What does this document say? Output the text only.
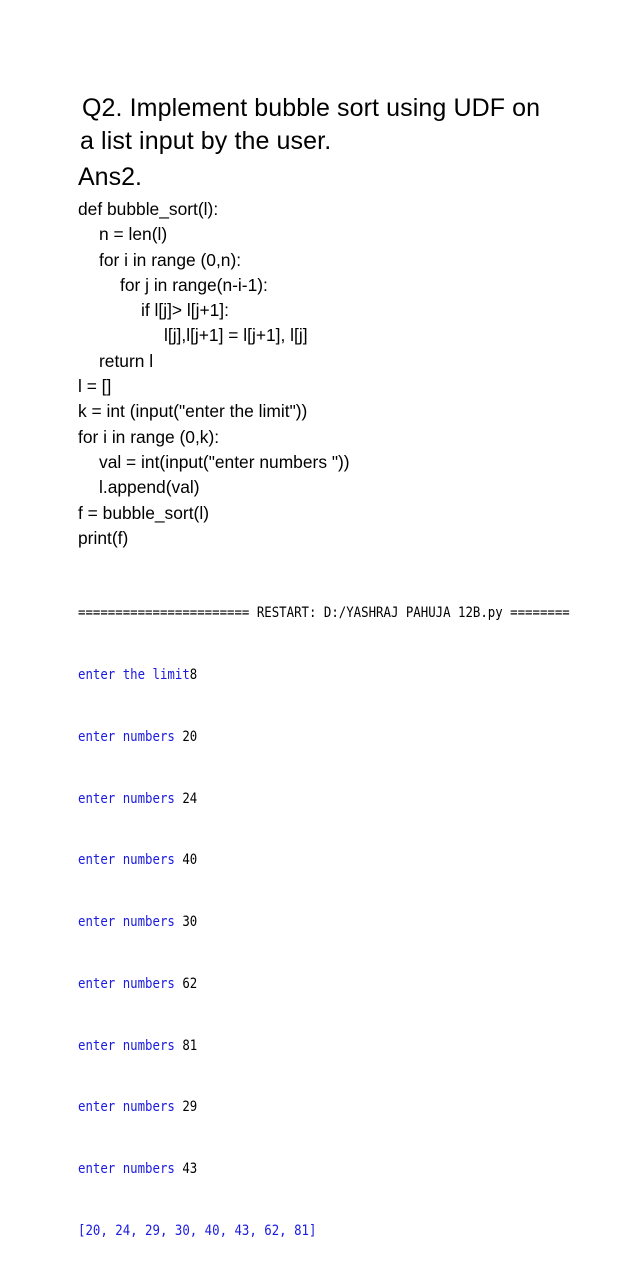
Q2. Implement bubble sort using UDF on
a list input by the user.
Ans2.
def bubble_sort(l):
n = len(l)
for i in range (0,n):
for j in range(n-i-1):
if l[j]> l[j+1]:
l[j],l[j+1] = l[j+1], l[j]
return l
l = []
k = int (input("enter the limit"))
for i in range (0,k):
val = int(input("enter numbers "))
l.append(val)
f = bubble_sort(l)
print(f)

======================= RESTART: D:/YASHRAJ PAHUJA 12B.py ========

enter the limit8

enter numbers 20

enter numbers 24

enter numbers 40

enter numbers 30

enter numbers 62

enter numbers 81

enter numbers 29

enter numbers 43

[20, 24, 29, 30, 40, 43, 62, 81]
